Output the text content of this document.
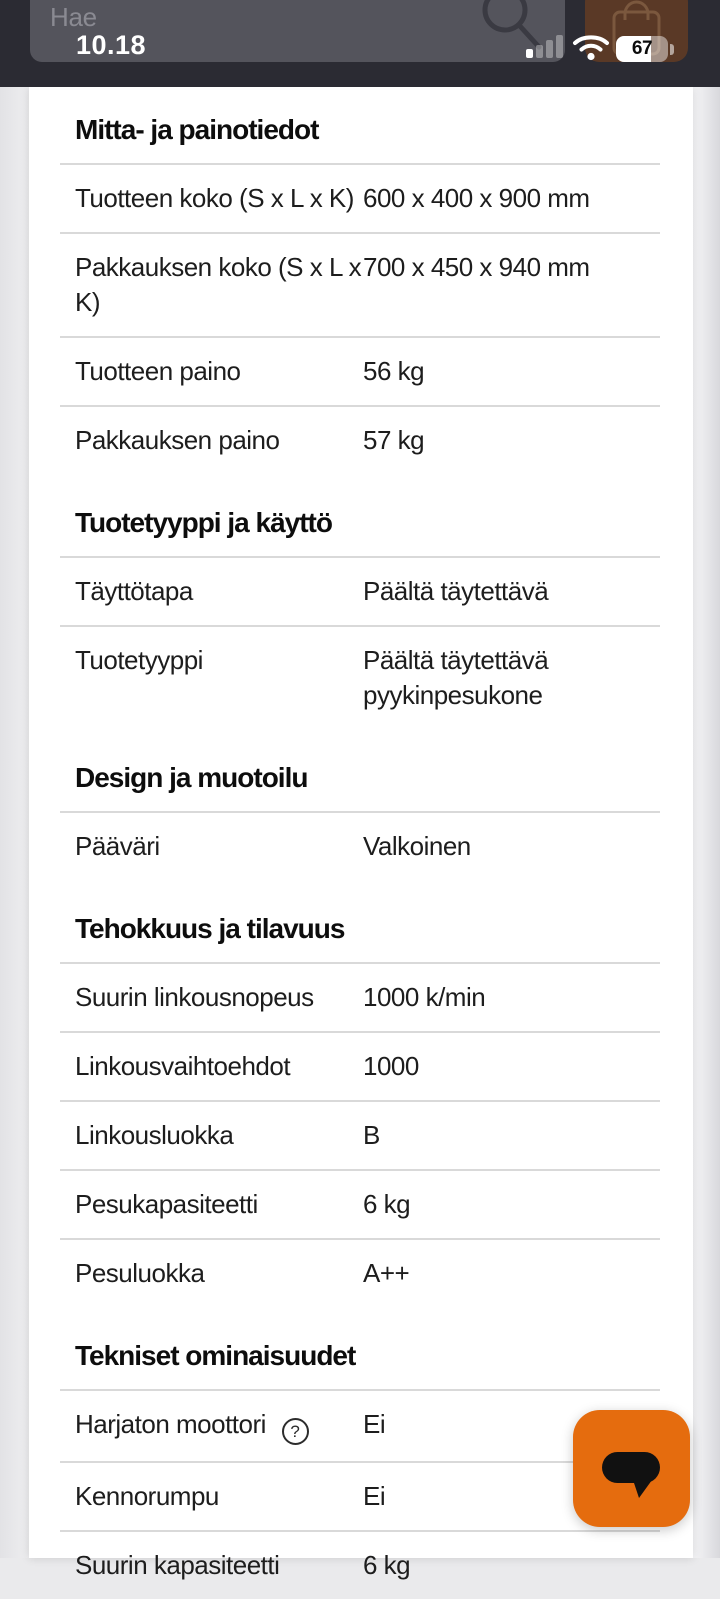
Hae
10.18	67
Mitta- ja painotiedot
Tuotteen koko (S x L x K) 600 x 400 x 900 mm
Pakkauksen koko (S x L x K)
700 x 450 x 940 mm
Tuotteen paino	56 kg
Pakkauksen paino	57 kg
Tuotetyyppi ja käyttö
Täyttötapa	Päältä täytettävä
Tuotetyyppi	Päältä täytettävä pyykinpesukone
Design ja muotoilu
Pääväri	Valkoinen
Tehokkuus ja tilavuus
Suurin linkousnopeus	1000 k/min
Linkousvaihtoehdot	1000
Linkousluokka	B
Pesukapasiteetti	6 kg
Pesuluokka	A++
Tekniset ominaisuudet
Harjaton moottori ?	Ei
Kennorumpu	Ei
Suurin kapasiteetti	6 kg
